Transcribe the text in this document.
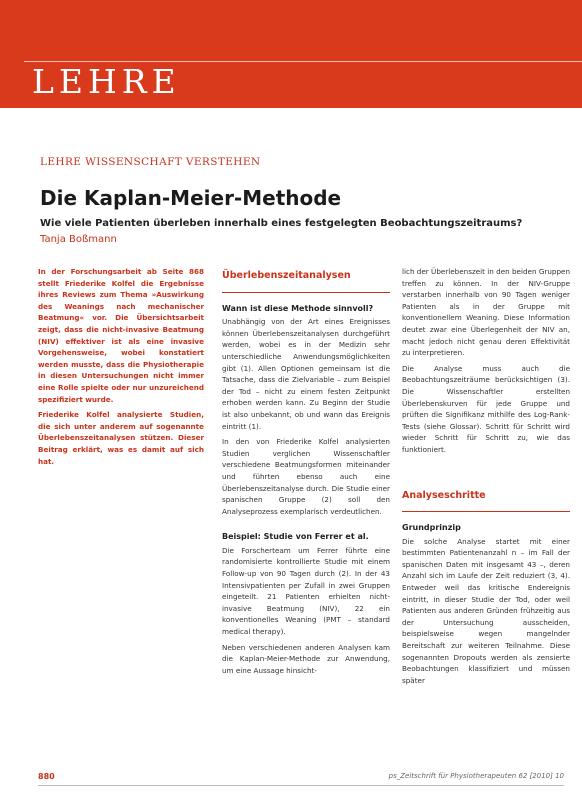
LEHRE
LEHRE WISSENSCHAFT VERSTEHEN
Die Kaplan-Meier-Methode
Wie viele Patienten überleben innerhalb eines festgelegten Beobachtungszeitraums?
Tanja Boßmann

In der Forschungsarbeit ab Seite 868 stellt Friederike Kolfel die Ergebnisse ihres Reviews zum Thema »Auswirkung des Weanings nach mechanischer Beatmung« vor. Die Übersichtsarbeit zeigt, dass die nicht-invasive Beatmung (NIV) effektiver ist als eine invasive Vorgehensweise, wobei konstatiert werden musste, dass die Physiotherapie in diesen Untersuchungen nicht immer eine Rolle spielte oder nur unzureichend spezifiziert wurde.

Friederike Kolfel analysierte Studien, die sich unter anderem auf sogenannte Überlebenszeitanalysen stützen. Dieser Beitrag erklärt, was es damit auf sich hat.

Überlebenszeitanalysen
Wann ist diese Methode sinnvoll?

Unabhängig von der Art eines Ereignisses können Überlebenszeitanalysen durchgeführt werden, wobei es in der Medizin sehr unterschiedliche Anwendungsmöglichkeiten gibt (1). Allen Optionen gemeinsam ist die Tatsache, dass die Zielvariable – zum Beispiel der Tod – nicht zu einem festen Zeitpunkt erhoben werden kann. Zu Beginn der Studie ist also unbekannt, ob und wann das Ereignis eintritt (1).

In den von Friederike Kolfel analysierten Studien verglichen Wissenschaftler verschiedene Beatmungsformen miteinander und führten ebenso auch eine Überlebenszeitanalyse durch. Die Studie einer spanischen Gruppe (2) soll den Analyseprozess exemplarisch verdeutlichen.

Beispiel: Studie von Ferrer et al.

Die Forscherteam um Ferrer führte eine randomisierte kontrollierte Studie mit einem Follow-up von 90 Tagen durch (2). In der 43 Intensivpatienten per Zufall in zwei Gruppen eingeteilt. 21 Patienten erhielten nicht-invasive Beatmung (NIV), 22 ein konventionelles Weaning (PMT – standard medical therapy).

Neben verschiedenen anderen Analysen kam die Kaplan-Meier-Methode zur Anwendung, um eine Aussage hinsicht-

lich der Überlebenszeit in den beiden Gruppen treffen zu können. In der NIV-Gruppe verstarben innerhalb von 90 Tagen weniger Patienten als in der Gruppe mit konventionellem Weaning. Diese Information deutet zwar eine Überlegenheit der NIV an, macht jedoch nicht genau deren Effektivität zu interpretieren.

Die Analyse muss auch die Beobachtungszeiträume berücksichtigen (3). Die Wissenschaftler erstellten Überlebenskurven für jede Gruppe und prüften die Signifikanz mithilfe des Log-Rank-Tests (siehe Glossar). Schritt für Schritt wird wieder Schritt für Schritt zu, wie das funktioniert.

Analyseschritte
Grundprinzip

Die solche Analyse startet mit einer bestimmten Patientenanzahl n – im Fall der spanischen Daten mit insgesamt 43 –, deren Anzahl sich im Laufe der Zeit reduziert (3, 4). Entweder weil das kritische Endereignis eintritt, in dieser Studie der Tod, oder weil Patienten aus anderen Gründen frühzeitig aus der Untersuchung ausscheiden, beispielsweise wegen mangelnder Bereitschaft zur weiteren Teilnahme. Diese sogenannten Dropouts werden als zensierte Beobachtungen klassifiziert und müssen später

880	ps_Zeitschrift für Physiotherapeuten 62 [2010] 10
